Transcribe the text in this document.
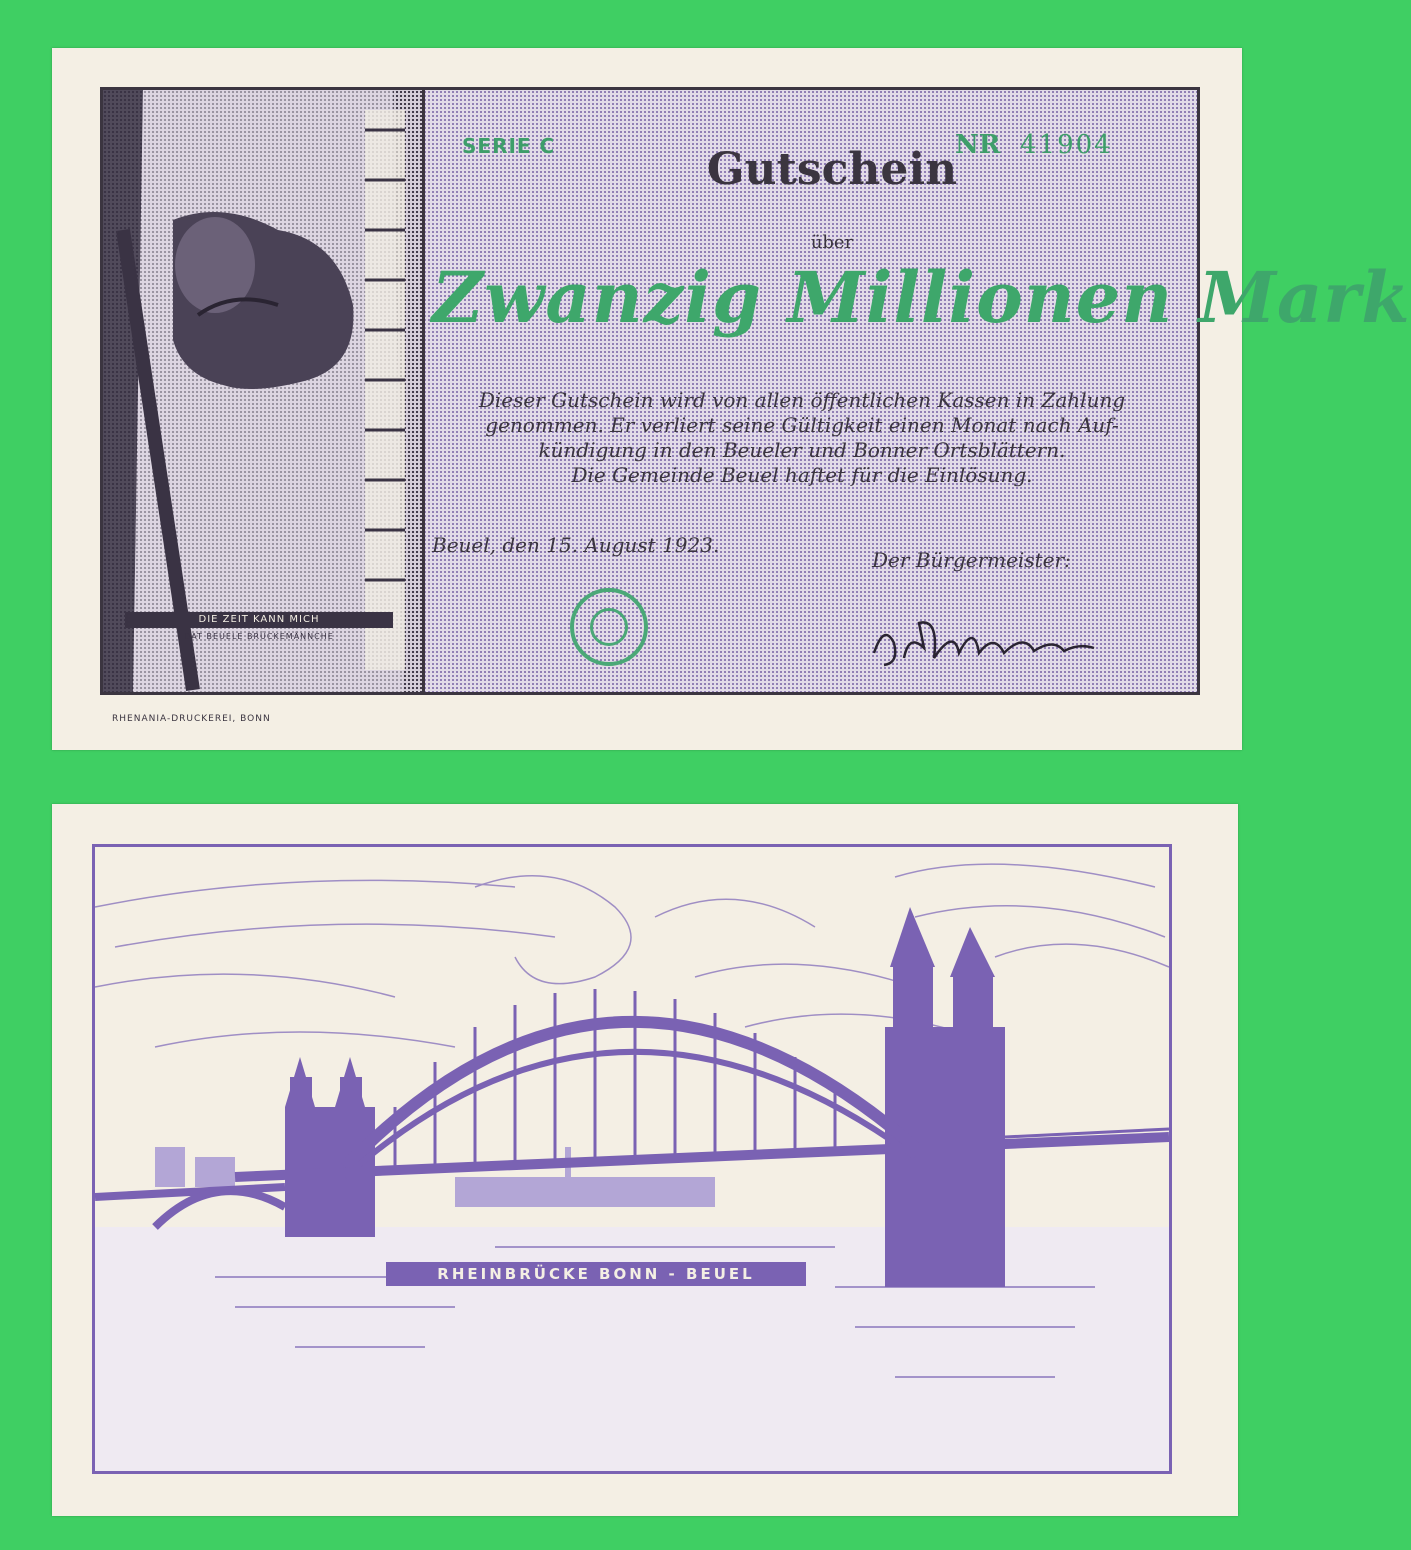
DIE ZEIT KANN MICH
DAT BEUELE BRÜCKEMÄNNCHE
SERIE C	NR 41904
Gutschein
über
Zwanzig Millionen Mark
Dieser Gutschein wird von allen öffentlichen Kassen in Zahlung
genommen. Er verliert seine Gültigkeit einen Monat nach Auf-
kündigung in den Beueler und Bonner Ortsblättern.
Die Gemeinde Beuel haftet für die Einlösung.
Beuel, den 15. August 1923.
Der Bürgermeister:
RHENANIA-DRUCKEREI, BONN
RHEINBRÜCKE BONN - BEUEL
